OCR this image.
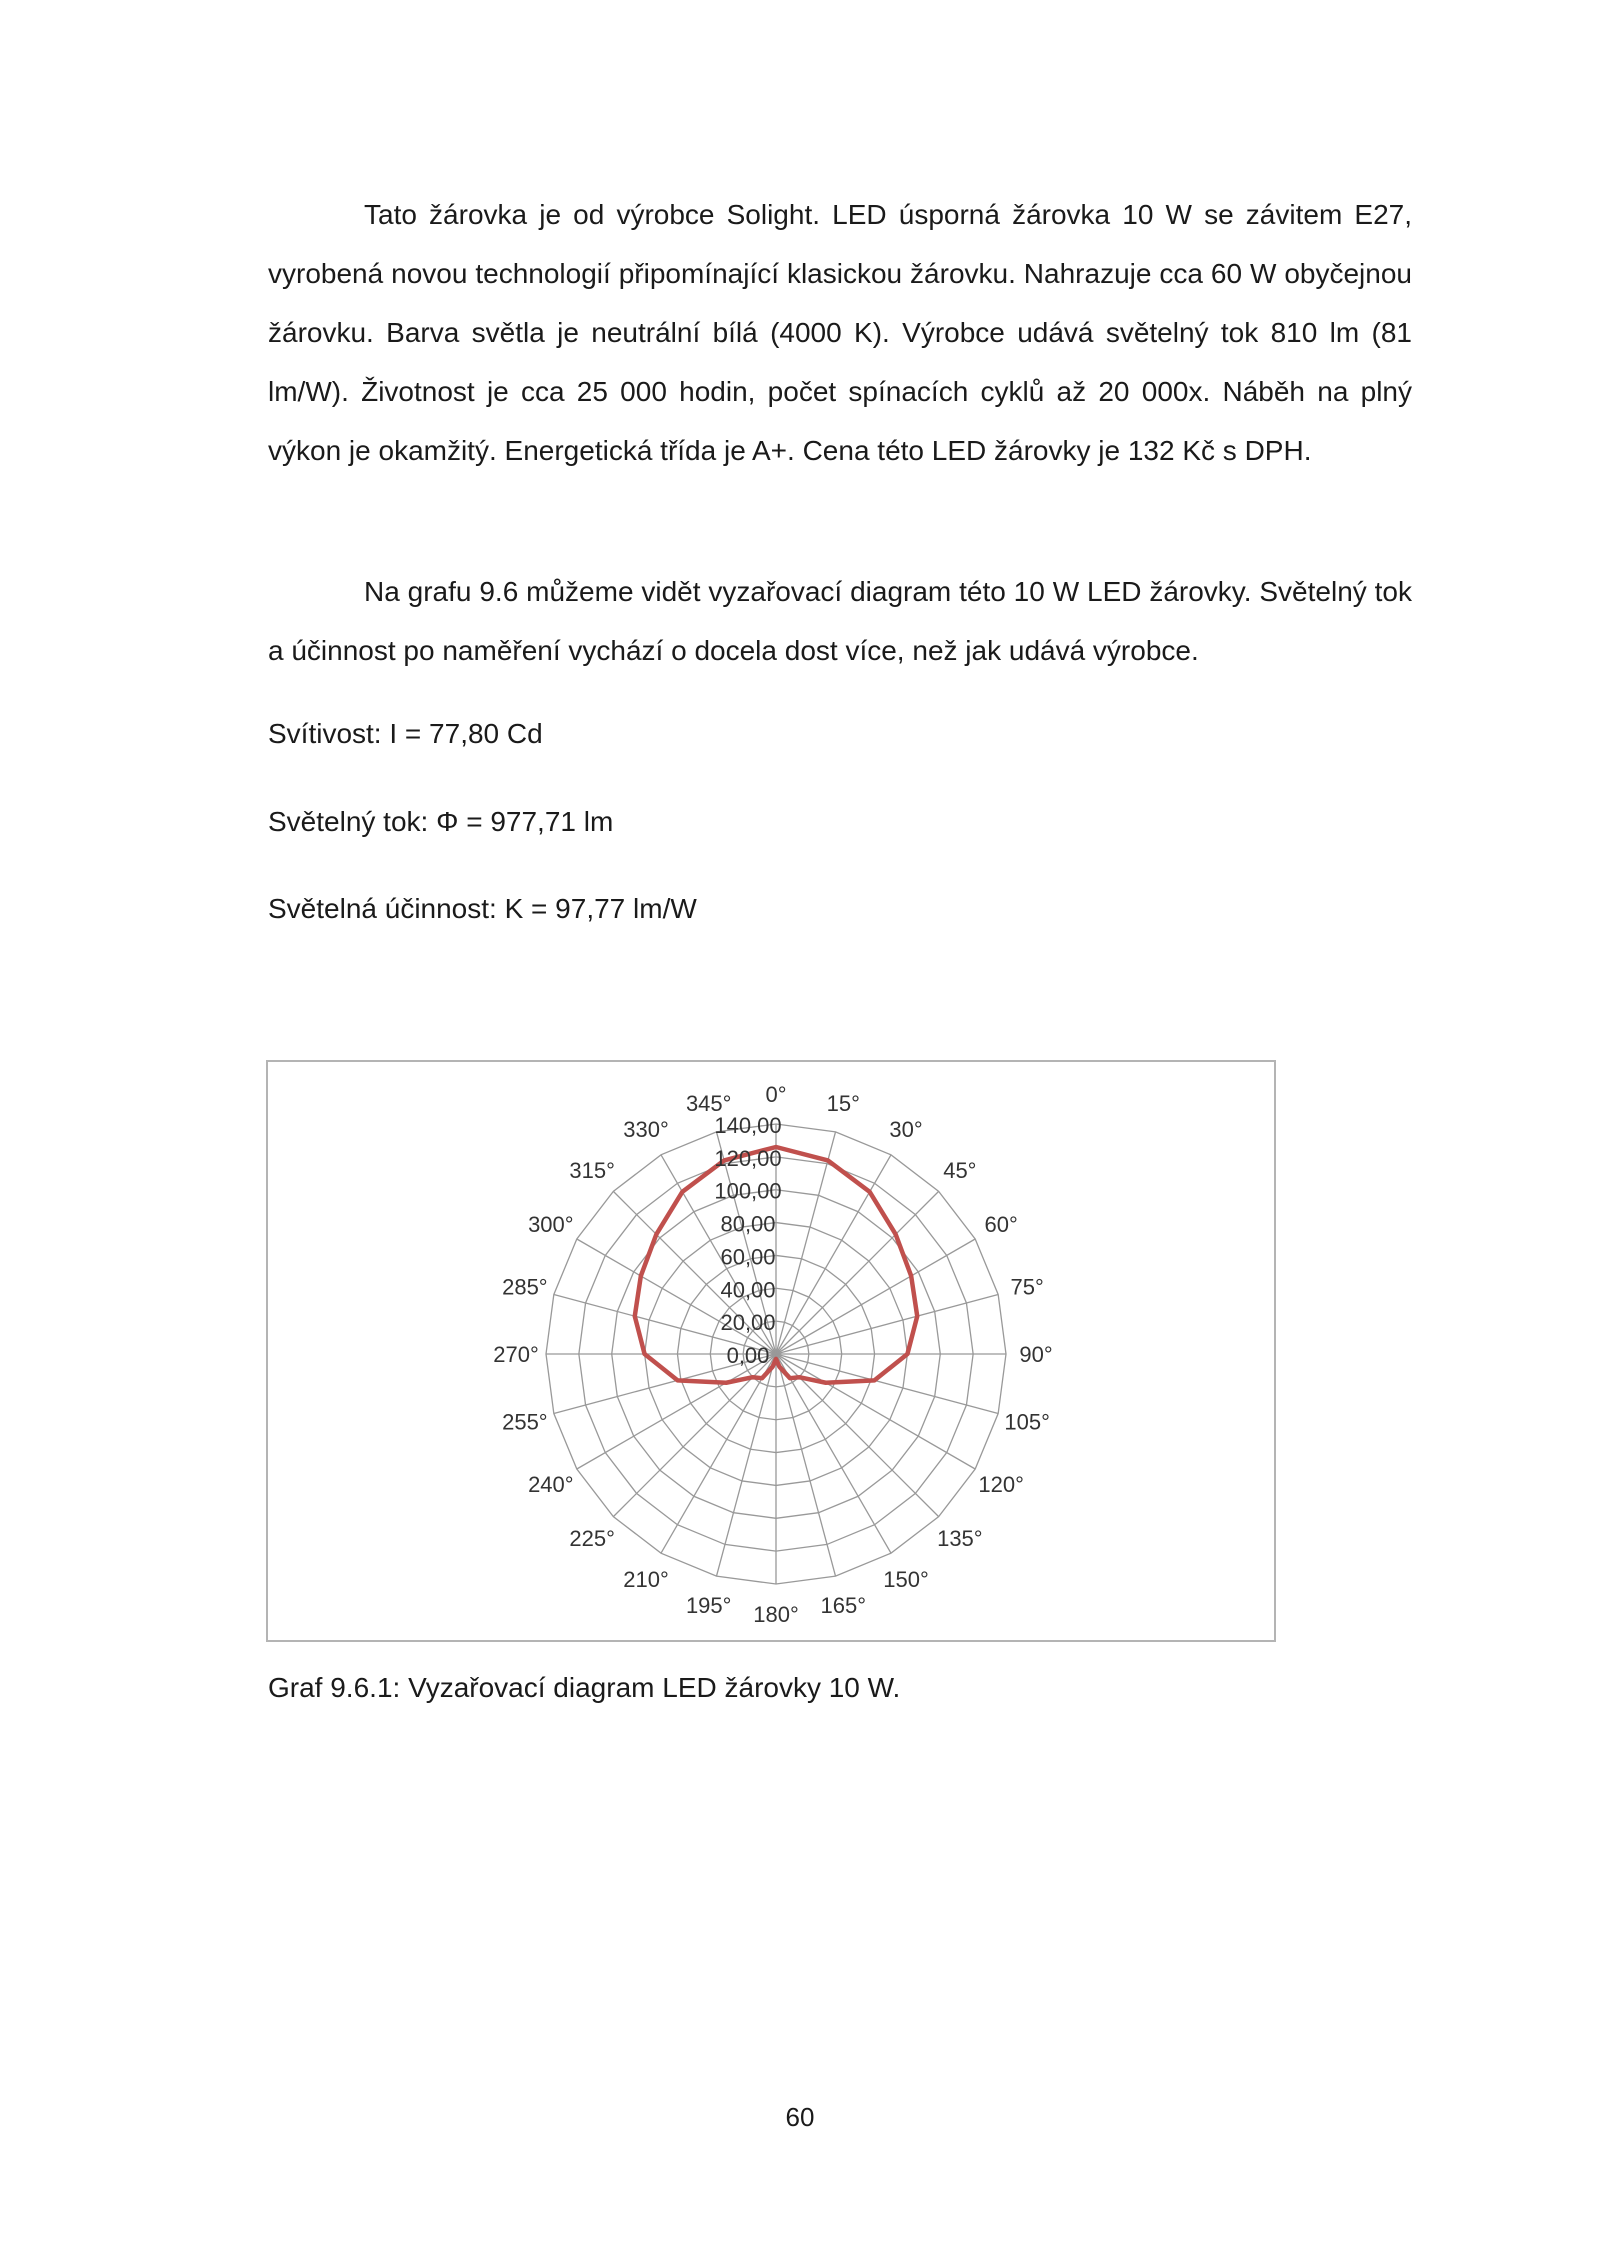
Tato žárovka je od výrobce Solight. LED úsporná žárovka 10 W se závitem E27, vyrobená novou technologií připomínající klasickou žárovku. Nahrazuje cca 60 W obyčejnou žárovku. Barva světla je neutrální bílá (4000 K). Výrobce udává světelný tok 810 lm (81 lm/W). Životnost je cca 25 000 hodin, počet spínacích cyklů až 20 000x. Náběh na plný výkon je okamžitý. Energetická třída je A+. Cena této LED žárovky je 132 Kč s DPH.

Na grafu 9.6 můžeme vidět vyzařovací diagram této 10 W LED žárovky. Světelný tok a účinnost po naměření vychází o docela dost více, než jak udává výrobce.

Svítivost: I = 77,80 Cd

Světelný tok: Φ = 977,71 lm

Světelná účinnost: K = 97,77 lm/W

0,00
20,00
40,00
60,00
80,00
100,00
120,00
140,00
0° 15°
30°
45°
60°
75°
90°
105°
120°
135°
150°
165°
180°
195°
210°
225°
240°
255°
270°
285°
300°
315°
330°
345°

Graf 9.6.1: Vyzařovací diagram LED žárovky 10 W.

60
